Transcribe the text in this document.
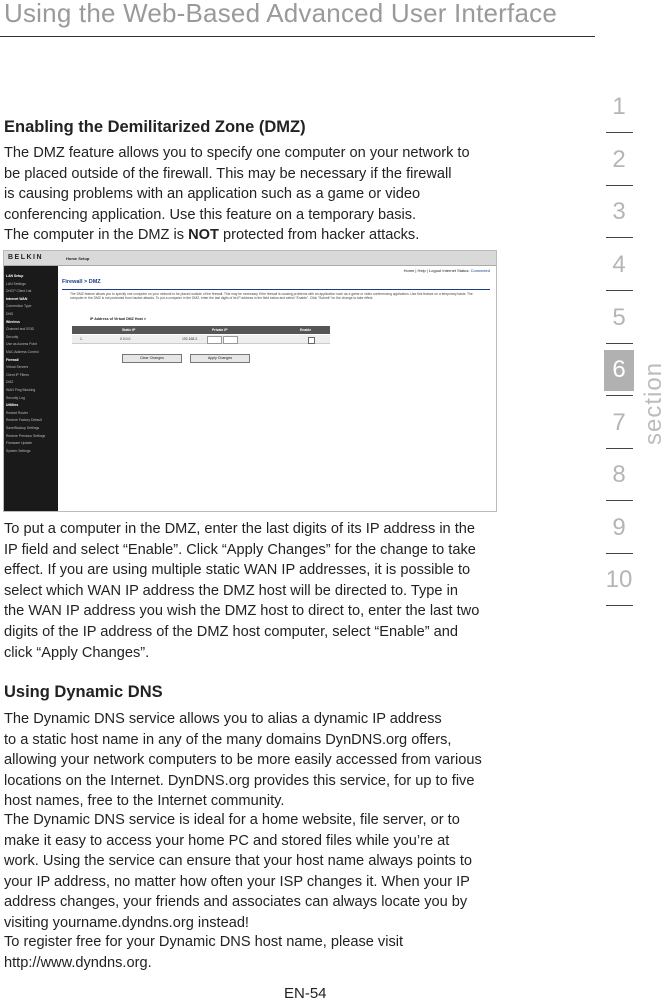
Using the Web-Based Advanced User Interface
Enabling the Demilitarized Zone (DMZ)

The DMZ feature allows you to specify one computer on your network to
be placed outside of the firewall. This may be necessary if the firewall
is causing problems with an application such as a game or video
conferencing application. Use this feature on a temporary basis.
The computer in the DMZ is NOT protected from hacker attacks.

BELKIN	Home Setup
Home | Help | Logout Internet Status: Connected
LAN Setup
LAN Settings
DHCP Client List
Internet WAN
Connection Type
DNS
Wireless
Channel and SSID
Security
Use as Access Point
MAC Address Control
Firewall
Virtual Servers
Client IP Filters
DMZ
WAN Ping Blocking
Security Log
Utilities
Restart Router
Restore Factory Default
Save/Backup Settings
Restore Previous Settings
Firmware Update
System Settings
Firewall > DMZ

The DMZ feature allows you to specify one computer on your network to be placed outside of the firewall. This may be necessary if the firewall is causing problems with an application such as a game or video conferencing application. Use this feature on a temporary basis. The computer in the DMZ is not protected from hacker attacks. To put a computer in the DMZ, enter the last digits of its IP address in the field below and select "Enable". Click "Submit" for the change to take effect.

IP Address of Virtual DMZ Host >
Static IP	Private IP	Enable
1.	0.0.0.0	192.168.2.
Clear Changes	Apply Changes

To put a computer in the DMZ, enter the last digits of its IP address in the
IP field and select “Enable”. Click “Apply Changes” for the change to take
effect. If you are using multiple static WAN IP addresses, it is possible to
select which WAN IP address the DMZ host will be directed to. Type in
the WAN IP address you wish the DMZ host to direct to, enter the last two
digits of the IP address of the DMZ host computer, select “Enable” and
click “Apply Changes”.

Using Dynamic DNS

The Dynamic DNS service allows you to alias a dynamic IP address
to a static host name in any of the many domains DynDNS.org offers,
allowing your network computers to be more easily accessed from various
locations on the Internet. DynDNS.org provides this service, for up to five
host names, free to the Internet community.

The Dynamic DNS service is ideal for a home website, file server, or to
make it easy to access your home PC and stored files while you’re at
work. Using the service can ensure that your host name always points to
your IP address, no matter how often your ISP changes it. When your IP
address changes, your friends and associates can always locate you by
visiting yourname.dyndns.org instead!

To register free for your Dynamic DNS host name, please visit
http://www.dyndns.org.

1
2
3
4
5
6
7
8
9
10
section
EN-54
